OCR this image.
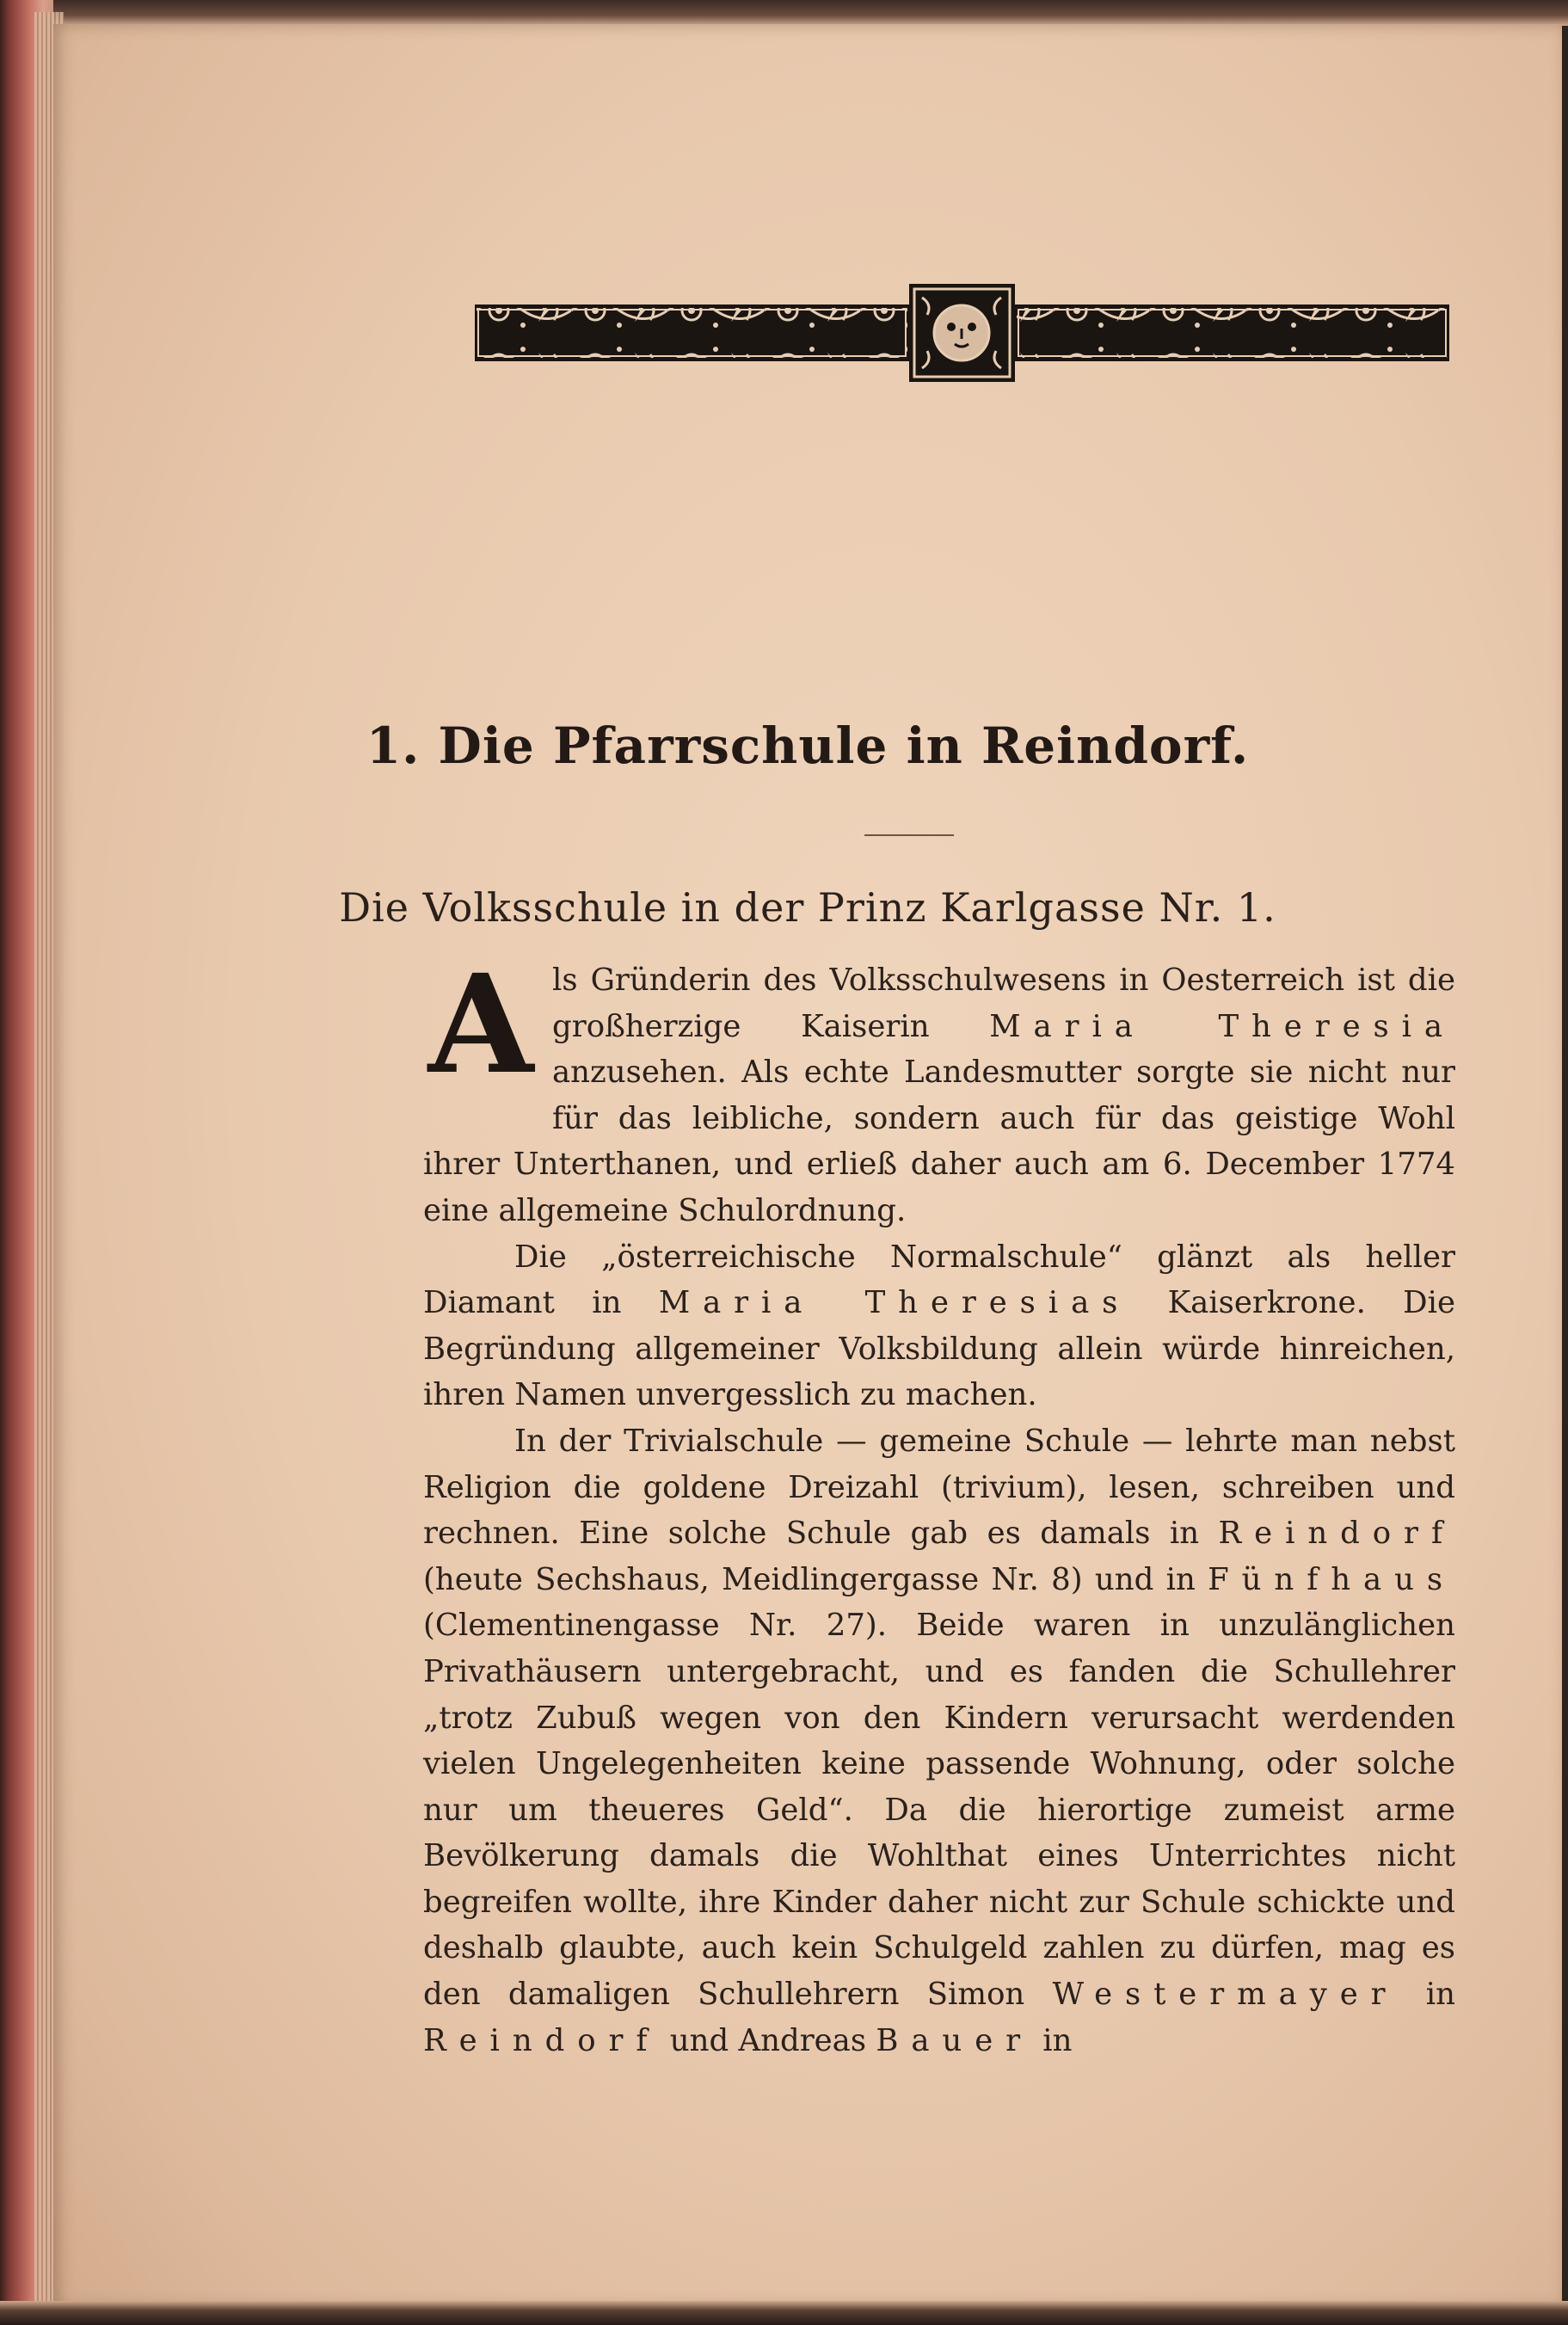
1. Die Pfarrschule in Reindorf.
Die Volksschule in der Prinz Karlgasse Nr. 1.

Als Gründerin des Volksschulwesens in Oesterreich ist die großherzige Kaiserin Maria Theresia anzusehen. Als echte Landesmutter sorgte sie nicht nur für das leibliche, sondern auch für das geistige Wohl ihrer Unterthanen, und erließ daher auch am 6. December 1774 eine allgemeine Schulordnung.

Die „österreichische Normalschule“ glänzt als heller Diamant in Maria Theresias Kaiserkrone. Die Begründung allgemeiner Volksbildung allein würde hinreichen, ihren Namen unvergesslich zu machen.

In der Trivialschule — gemeine Schule — lehrte man nebst Religion die goldene Dreizahl (trivium), lesen, schreiben und rechnen. Eine solche Schule gab es damals in Reindorf (heute Sechshaus, Meidlingergasse Nr. 8) und in Fünfhaus (Clementinengasse Nr. 27). Beide waren in unzulänglichen Privathäusern untergebracht, und es fanden die Schullehrer „trotz Zubuß wegen von den Kindern verursacht werdenden vielen Ungelegenheiten keine passende Wohnung, oder solche nur um theueres Geld“. Da die hierortige zumeist arme Bevölkerung damals die Wohlthat eines Unterrichtes nicht begreifen wollte, ihre Kinder daher nicht zur Schule schickte und deshalb glaubte, auch kein Schulgeld zahlen zu dürfen, mag es den damaligen Schullehrern Simon Westermayer in Reindorf und Andreas Bauer in
